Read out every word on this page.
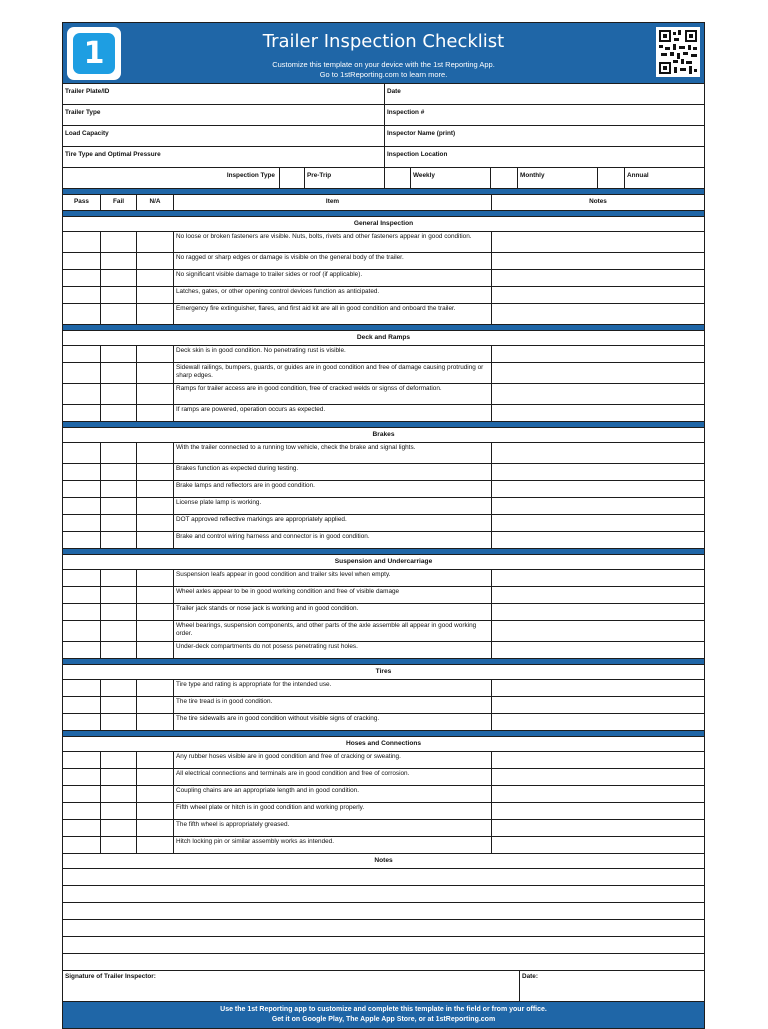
1	Trailer Inspection Checklist
Customize this template on your device with the 1st Reporting App.
Go to 1stReporting.com to learn more.
Trailer Plate/ID	Date
Trailer Type	Inspection #
Load Capacity	Inspector Name (print)
Tire Type and Optimal Pressure	Inspection Location
Inspection Type	Pre-Trip	Weekly	Monthly	Annual
Pass	Fail	N/A	Item	Notes
General Inspection
No loose or broken fasteners are visible. Nuts, bolts, rivets and other fasteners appear in good condition.
No ragged or sharp edges or damage is visible on the general body of the trailer.
No significant visible damage to trailer sides or roof (if applicable).
Latches, gates, or other opening control devices function as anticipated.
Emergency fire extinguisher, flares, and first aid kit are all in good condition and onboard the trailer.
Deck and Ramps
Deck skin is in good condition. No penetrating rust is visible.
Sidewall railings, bumpers, guards, or guides are in good condition and free of damage causing protruding or sharp edges.
Ramps for trailer access are in good condition, free of cracked welds or signss of deformation.
If ramps are powered, operation occurs as expected.
Brakes
With the trailer connected to a running tow vehicle, check the brake and signal lights.
Brakes function as expected during testing.
Brake lamps and reflectors are in good condition.
License plate lamp is working.
DOT approved reflective markings are appropriately applied.
Brake and control wiring harness and connector is in good condition.
Suspension and Undercarriage
Suspension leafs appear in good condition and trailer sits level when empty.
Wheel axles appear to be in good working condition and free of visible damage
Trailer jack stands or nose jack is working and in good condition.
Wheel bearings, suspension components, and other parts of the axle assemble all appear in good working order.
Under-deck compartments do not posess penetrating rust holes.
Tires
Tire type and rating is appropriate for the intended use.
The tire tread is in good condition.
The tire sidewalls are in good condition without visible signs of cracking.
Hoses and Connections
Any rubber hoses visible are in good condition and free of cracking or sweating.
All electrical connections and terminals are in good condition and free of corrosion.
Coupling chains are an appropriate length and in good condition.
Fifth wheel plate or hitch is in good condition and working properly.
The fifth wheel is appropriately greased.
Hitch locking pin or similar assembly works as intended.
Notes
Signature of Trailer Inspector:	Date:
Use the 1st Reporting app to customize and complete this template in the field or from your office.
Get it on Google Play, The Apple App Store, or at 1stReporting.com
